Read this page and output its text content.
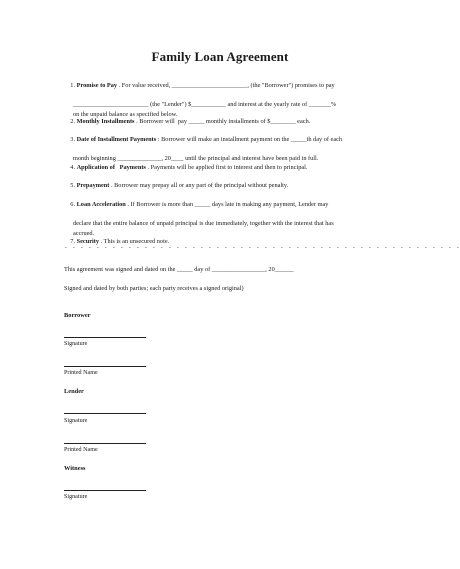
Family Loan Agreement

1. Promise to Pay . For value received, ________________________, (the "Borrower") promises to pay

________________________ (the "Lender") $___________ and interest at the yearly rate of _______%
on the unpaid balance as specified below.

2. Monthly Installments . Borrower will  pay _____ monthly installments of $________ each.

3. Date of Installment Payments : Borrower will make an installment payment on the _____th day of each

month beginning ______________, 20____ until the principal and interest have been paid in full.

4. Application of   Payments . Payments will be applied first to interest and then to principal.

5. Prepayment . Borrower may prepay all or any part of the principal without penalty.

6. Loan Acceleration . If Borrower is more than _____ days late in making any payment, Lender may

declare that the entire balance of unpaid principal is due immediately, together with the interest that has
accrued.

7. Security . This is an unsecured note.

- - - - - - - - - - - - - - - - - - - - - - - - - - - - - - - - - - - - - - - - - - - - - - - - - -
This agreement was signed and dated on the _____ day of _________________, 20______
Signed and dated by both parties; each party receives a signed original)
Borrower
Signature
Printed Name
Lender
Signature
Printed Name
Witness
Signature
